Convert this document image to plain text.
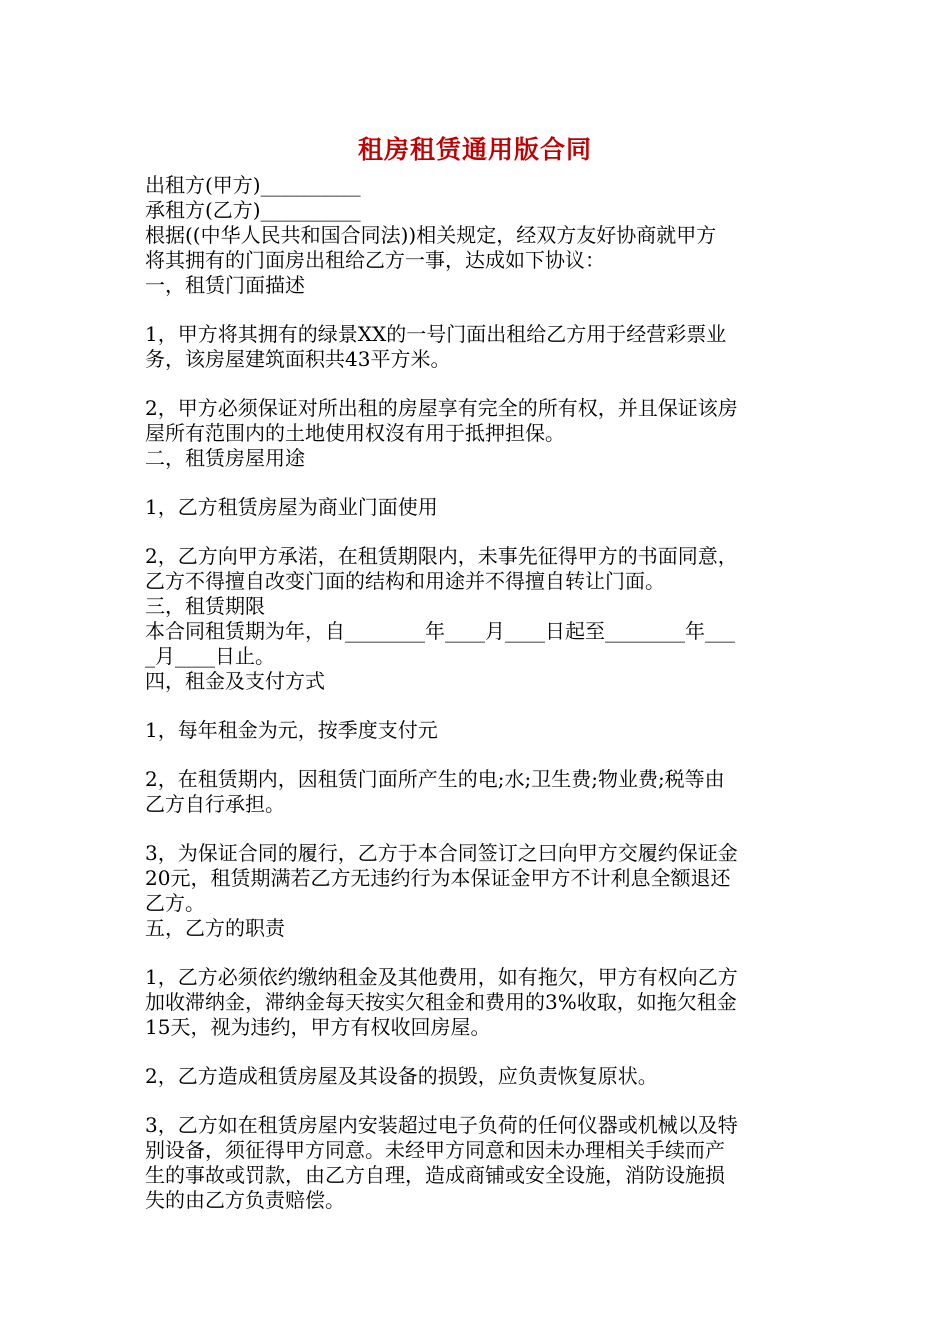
租房租赁通用版合同
出租方(甲方)__________
承租方(乙方)__________
根据((中华人民共和国合同法))相关规定，经双方友好协商就甲方
将其拥有的门面房出租给乙方一事，达成如下协议：
一，租赁门面描述
1，甲方将其拥有的绿景XX的一号门面出租给乙方用于经营彩票业
务，该房屋建筑面积共43平方米。
2，甲方必须保证对所出租的房屋享有完全的所有权，并且保证该房
屋所有范围内的土地使用权沒有用于抵押担保。
二，租赁房屋用途
1，乙方租赁房屋为商业门面使用
2，乙方向甲方承渃，在租赁期限内，未事先征得甲方的书面同意，
乙方不得擅自改变门面的结构和用途并不得擅自转让门面。
三，租赁期限
本合同租赁期为年，自________年____月____日起至________年___
_月____日止。
四，租金及支付方式
1，每年租金为元，按季度支付元
2，在租赁期内，因租赁门面所产生的电;水;卫生费;物业费;税等由
乙方自行承担。
3，为保证合同的履行，乙方于本合同签订之曰向甲方交履约保证金
20元，租赁期满若乙方无违约行为本保证金甲方不计利息全额退还
乙方。
五，乙方的职责
1，乙方必须依约缴纳租金及其他费用，如有拖欠，甲方有权向乙方
加收滞纳金，滞纳金每天按实欠租金和费用的3%收取，如拖欠租金
15天，视为违约，甲方有权收回房屋。
2，乙方造成租赁房屋及其设备的损毁，应负责恢复原状。
3，乙方如在租赁房屋内安装超过电子负荷的任何仪器或机械以及特
别设备，须征得甲方同意。未经甲方同意和因未办理相关手续而产
生的事故或罚款，由乙方自理，造成商铺或安全设施，消防设施损
失的由乙方负责赔偿。
